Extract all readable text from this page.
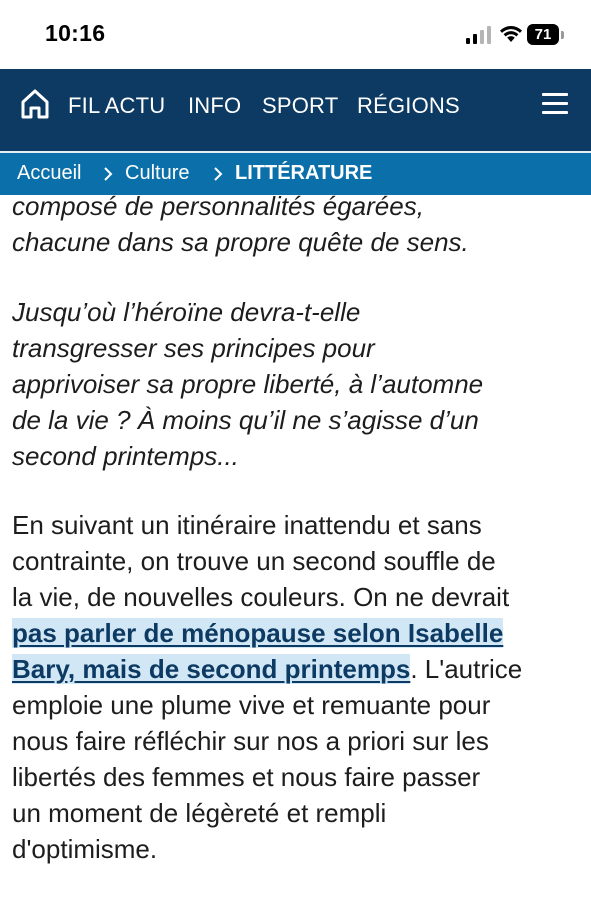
10:16	71
FIL ACTU INFO SPORT RÉGIONS
Accueil Culture LITTÉRATURE

composé de personnalités égarées,
chacune dans sa propre quête de sens.

Jusqu’où l’héroïne devra-t-elle
transgresser ses principes pour
apprivoiser sa propre liberté, à l’automne
de la vie ? À moins qu’il ne s’agisse d’un
second printemps...

En suivant un itinéraire inattendu et sans
contrainte, on trouve un second souffle de
la vie, de nouvelles couleurs. On ne devrait
pas parler de ménopause selon Isabelle
Bary, mais de second printemps. L'autrice
emploie une plume vive et remuante pour
nous faire réfléchir sur nos a priori sur les
libertés des femmes et nous faire passer
un moment de légèreté et rempli
d'optimisme.
